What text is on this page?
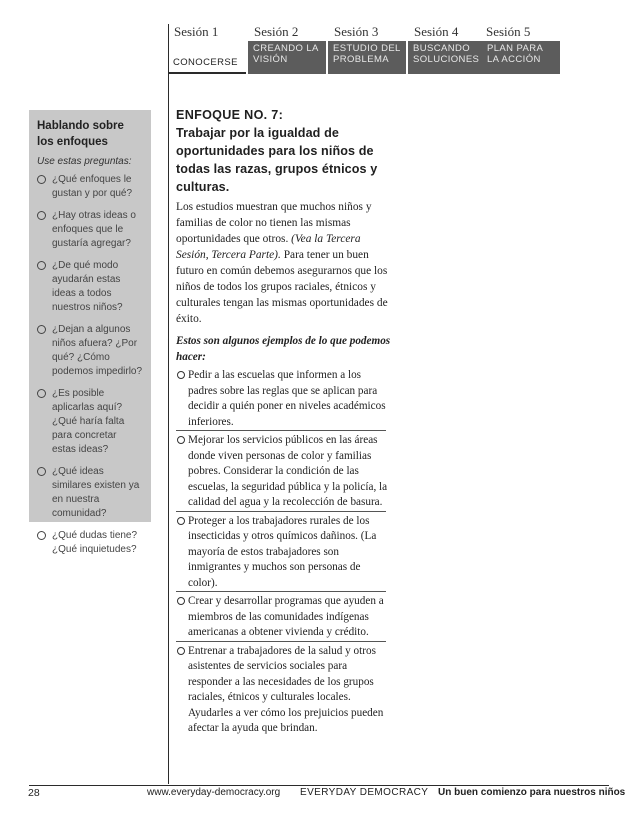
Sesión 1
CONOCERSE
Sesión 2
CREANDO LA VISIÓN
Sesión 3
ESTUDIO DEL PROBLEMA
Sesión 4
BUSCANDO SOLUCIONES
Sesión 5
PLAN PARA LA ACCIÓN
Hablando sobre los enfoques
Use estas preguntas:
¿Qué enfoques le gustan y por qué?
¿Hay otras ideas o enfoques que le gustaría agregar?
¿De qué modo ayudarán estas ideas a todos nuestros niños?
¿Dejan a algunos niños afuera? ¿Por qué? ¿Cómo podemos impedirlo?
¿Es posible aplicarlas aquí? ¿Qué haría falta para concretar estas ideas?
¿Qué ideas similares existen ya en nuestra comunidad?
¿Qué dudas tiene? ¿Qué inquietudes?
ENFOQUE NO. 7:
Trabajar por la igualdad de oportunidades para los niños de todas las razas, grupos étnicos y culturas.
Los estudios muestran que muchos niños y familias de color no tienen las mismas oportunidades que otros. (Vea la Tercera Sesión, Tercera Parte). Para tener un buen futuro en común debemos asegurarnos que los niños de todos los grupos raciales, étnicos y culturales tengan las mismas oportunidades de éxito.
Estos son algunos ejemplos de lo que podemos hacer:
Pedir a las escuelas que informen a los padres sobre las reglas que se aplican para decidir a quién poner en niveles académicos inferiores.
Mejorar los servicios públicos en las áreas donde viven personas de color y familias pobres. Considerar la condición de las escuelas, la seguridad pública y la policía, la calidad del agua y la recolección de basura.
Proteger a los trabajadores rurales de los insecticidas y otros químicos dañinos. (La mayoría de estos trabajadores son inmigrantes y muchos son personas de color).
Crear y desarrollar programas que ayuden a miembros de las comunidades indígenas americanas a obtener vivienda y crédito.
Entrenar a trabajadores de la salud y otros asistentes de servicios sociales para responder a las necesidades de los grupos raciales, étnicos y culturales locales. Ayudarles a ver cómo los prejuicios pueden afectar la ayuda que brindan.
28	www.everyday-democracy.org EVERYDAY DEMOCRACY Un buen comienzo para nuestros niños
